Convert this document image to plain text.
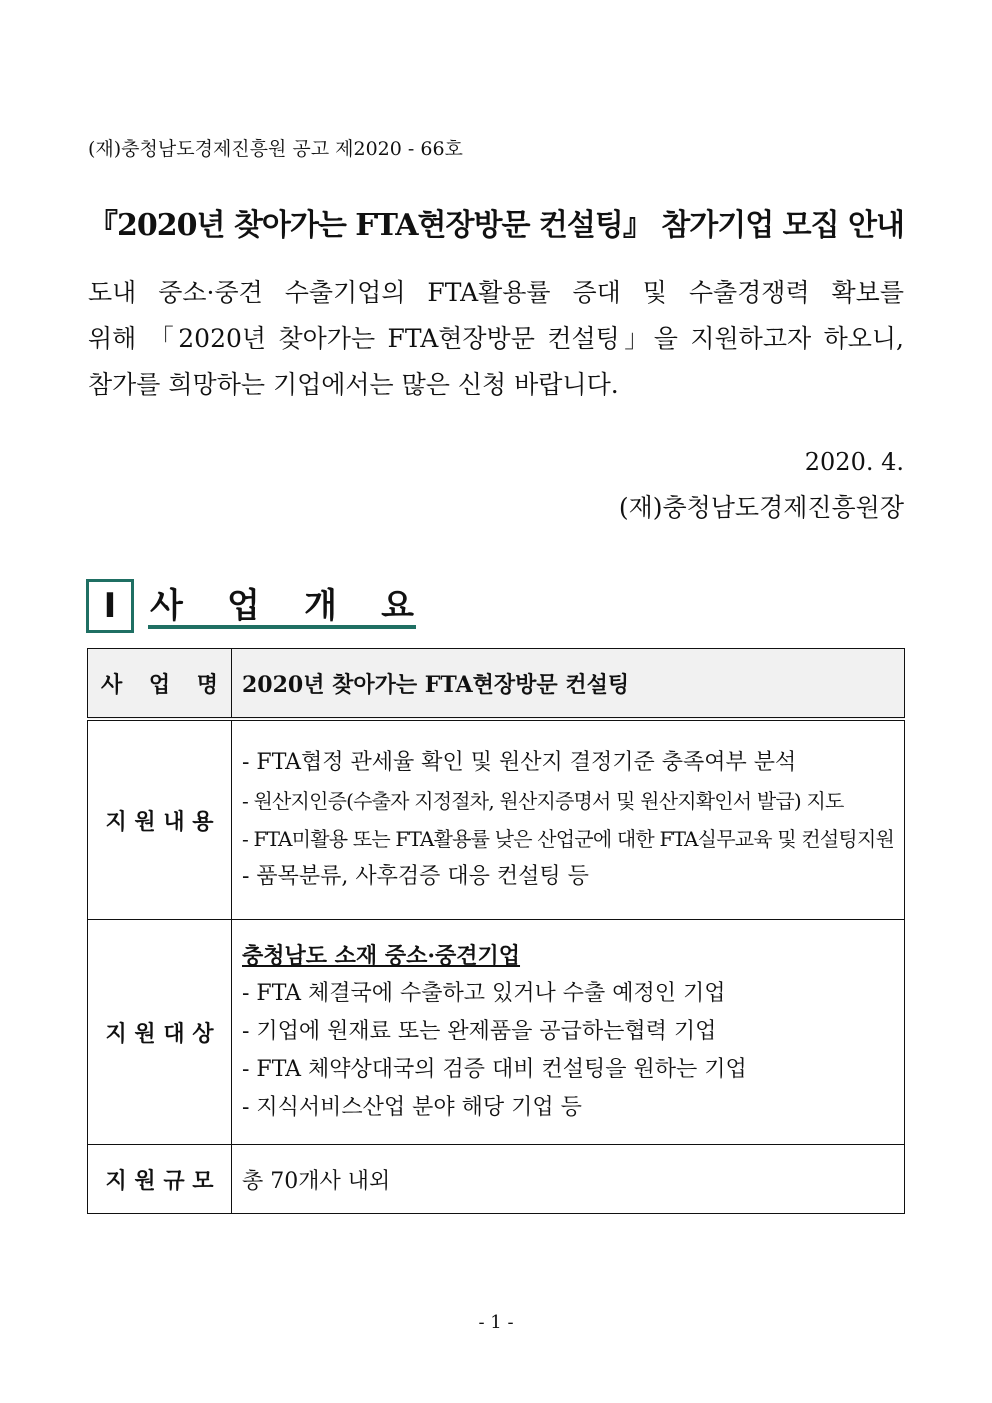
(재)충청남도경제진흥원 공고 제2020 - 66호
『2020년 찾아가는 FTA현장방문 컨설팅』 참가기업 모집 안내
도내 중소·중견 수출기업의 FTA활용률 증대 및 수출경쟁력 확보를
위해 「2020년 찾아가는 FTA현장방문 컨설팅」을 지원하고자 하오니,
참가를 희망하는 기업에서는 많은 신청 바랍니다.
2020. 4.
(재)충청남도경제진흥원장
Ⅰ 사 업 개 요
사 업 명	2020년 찾아가는 FTA현장방문 컨설팅
지 원 내 용	- FTA협정 관세율 확인 및 원산지 결정기준 충족여부 분석
- 원산지인증(수출자 지정절차, 원산지증명서 및 원산지확인서 발급) 지도
- FTA미활용 또는 FTA활용률 낮은 산업군에 대한 FTA실무교육 및 컨설팅지원
- 품목분류, 사후검증 대응 컨설팅 등

지 원 대 상	충청남도 소재 중소·중견기업
- FTA 체결국에 수출하고 있거나 수출 예정인 기업
- 기업에 원재료 또는 완제품을 공급하는협력 기업
- FTA 체약상대국의 검증 대비 컨설팅을 원하는 기업
- 지식서비스산업 분야 해당 기업 등

지 원 규 모	총 70개사 내외
- 1 -
